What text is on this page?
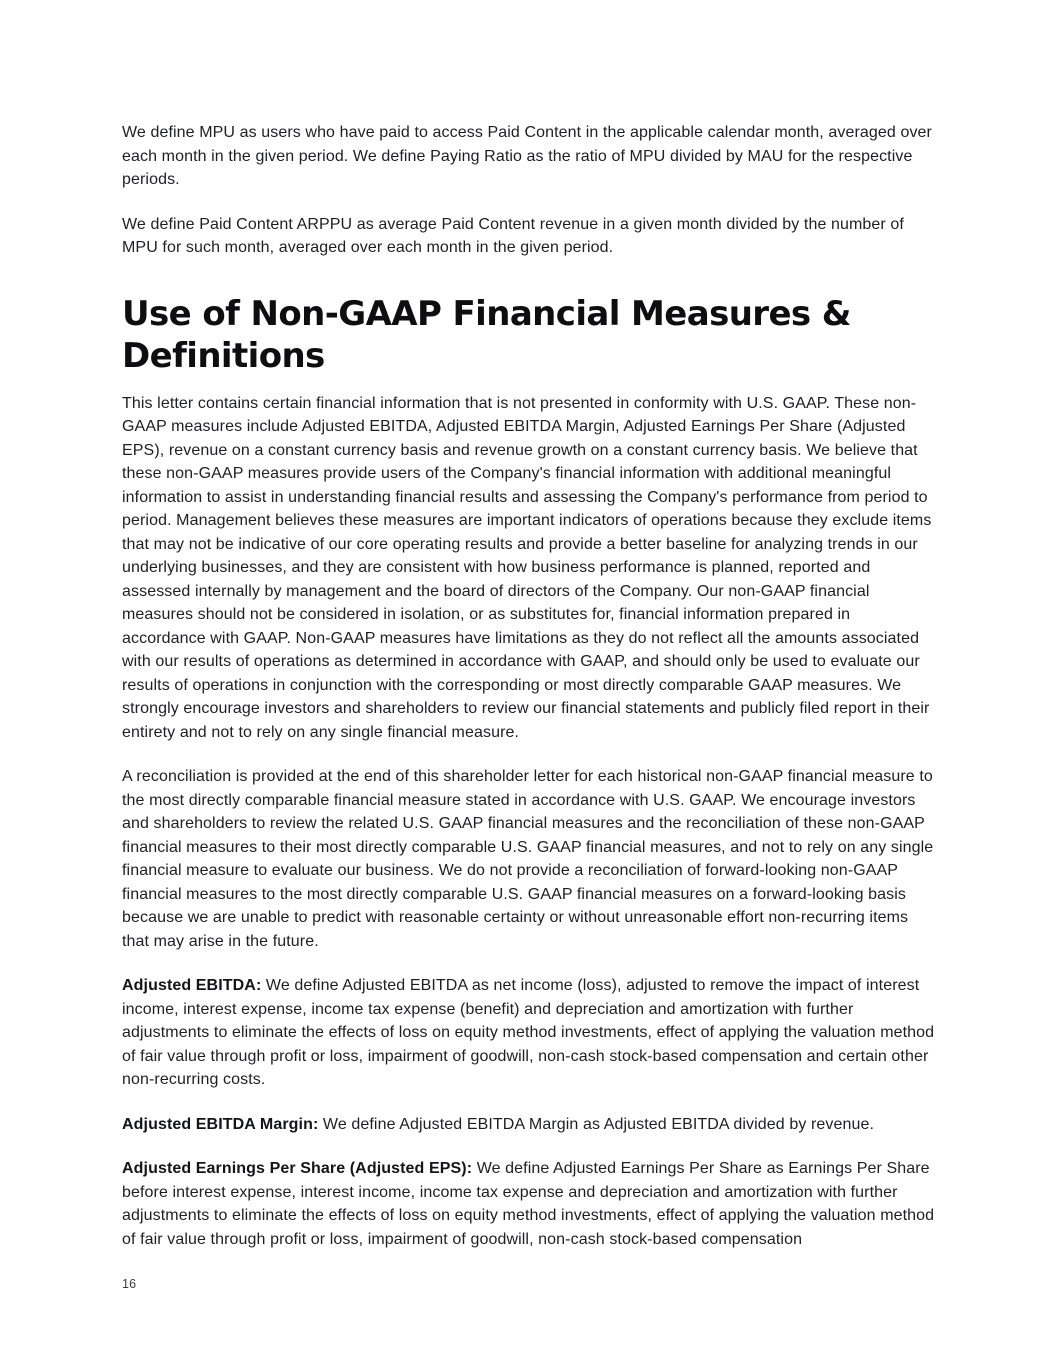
We define MPU as users who have paid to access Paid Content in the applicable calendar month, averaged over each month in the given period. We define Paying Ratio as the ratio of MPU divided by MAU for the respective periods.

We define Paid Content ARPPU as average Paid Content revenue in a given month divided by the number of MPU for such month, averaged over each month in the given period.

Use of Non-GAAP Financial Measures & Definitions

This letter contains certain financial information that is not presented in conformity with U.S. GAAP. These non-GAAP measures include Adjusted EBITDA, Adjusted EBITDA Margin, Adjusted Earnings Per Share (Adjusted EPS), revenue on a constant currency basis and revenue growth on a constant currency basis. We believe that these non-GAAP measures provide users of the Company's financial information with additional meaningful information to assist in understanding financial results and assessing the Company's performance from period to period. Management believes these measures are important indicators of operations because they exclude items that may not be indicative of our core operating results and provide a better baseline for analyzing trends in our underlying businesses, and they are consistent with how business performance is planned, reported and assessed internally by management and the board of directors of the Company. Our non-GAAP financial measures should not be considered in isolation, or as substitutes for, financial information prepared in accordance with GAAP. Non-GAAP measures have limitations as they do not reflect all the amounts associated with our results of operations as determined in accordance with GAAP, and should only be used to evaluate our results of operations in conjunction with the corresponding or most directly comparable GAAP measures. We strongly encourage investors and shareholders to review our financial statements and publicly filed report in their entirety and not to rely on any single financial measure.

A reconciliation is provided at the end of this shareholder letter for each historical non-GAAP financial measure to the most directly comparable financial measure stated in accordance with U.S. GAAP. We encourage investors and shareholders to review the related U.S. GAAP financial measures and the reconciliation of these non-GAAP financial measures to their most directly comparable U.S. GAAP financial measures, and not to rely on any single financial measure to evaluate our business. We do not provide a reconciliation of forward-looking non-GAAP financial measures to the most directly comparable U.S. GAAP financial measures on a forward-looking basis because we are unable to predict with reasonable certainty or without unreasonable effort non-recurring items that may arise in the future.

Adjusted EBITDA: We define Adjusted EBITDA as net income (loss), adjusted to remove the impact of interest income, interest expense, income tax expense (benefit) and depreciation and amortization with further adjustments to eliminate the effects of loss on equity method investments, effect of applying the valuation method of fair value through profit or loss, impairment of goodwill, non-cash stock-based compensation and certain other non-recurring costs.

Adjusted EBITDA Margin: We define Adjusted EBITDA Margin as Adjusted EBITDA divided by revenue.

Adjusted Earnings Per Share (Adjusted EPS): We define Adjusted Earnings Per Share as Earnings Per Share before interest expense, interest income, income tax expense and depreciation and amortization with further adjustments to eliminate the effects of loss on equity method investments, effect of applying the valuation method of fair value through profit or loss, impairment of goodwill, non-cash stock-based compensation

16
